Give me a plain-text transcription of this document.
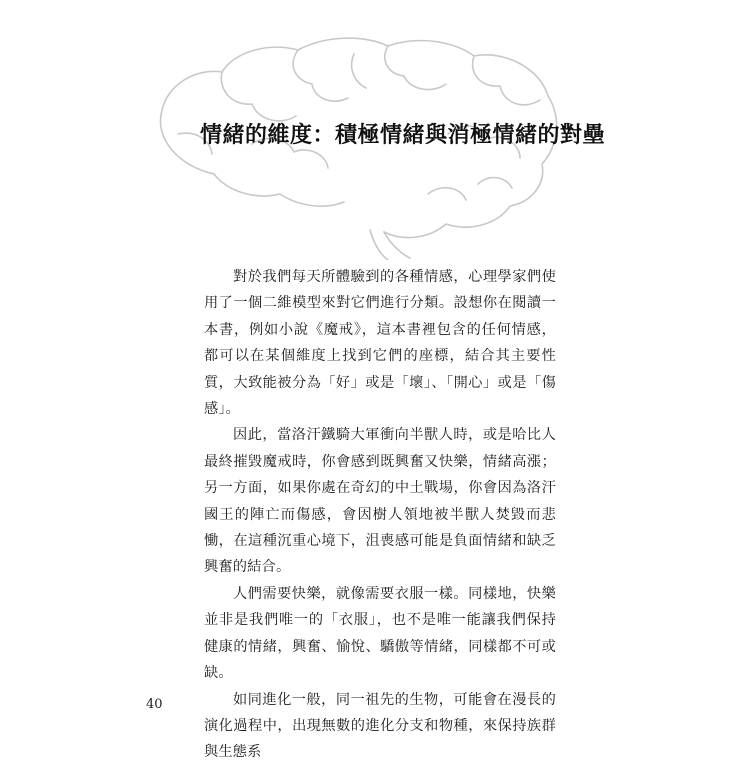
情緒的維度：積極情緒與消極情緒的對壘

對於我們每天所體驗到的各種情感，心理學家們使用了一個二維模型來對它們進行分類。設想你在閱讀一本書，例如小說《魔戒》，這本書裡包含的任何情感，都可以在某個維度上找到它們的座標，結合其主要性質，大致能被分為「好」或是「壞」、「開心」或是「傷感」。

因此，當洛汗鐵騎大軍衝向半獸人時，或是哈比人最終摧毀魔戒時，你會感到既興奮又快樂，情緒高漲；另一方面，如果你處在奇幻的中土戰場，你會因為洛汗國王的陣亡而傷感，會因樹人領地被半獸人焚毀而悲慟，在這種沉重心境下，沮喪感可能是負面情緒和缺乏興奮的結合。

人們需要快樂，就像需要衣服一樣。同樣地，快樂並非是我們唯一的「衣服」，也不是唯一能讓我們保持健康的情緒，興奮、愉悅、驕傲等情緒，同樣都不可或缺。

如同進化一般，同一祖先的生物，可能會在漫長的演化過程中，出現無數的進化分支和物種，來保持族群與生態系

40
